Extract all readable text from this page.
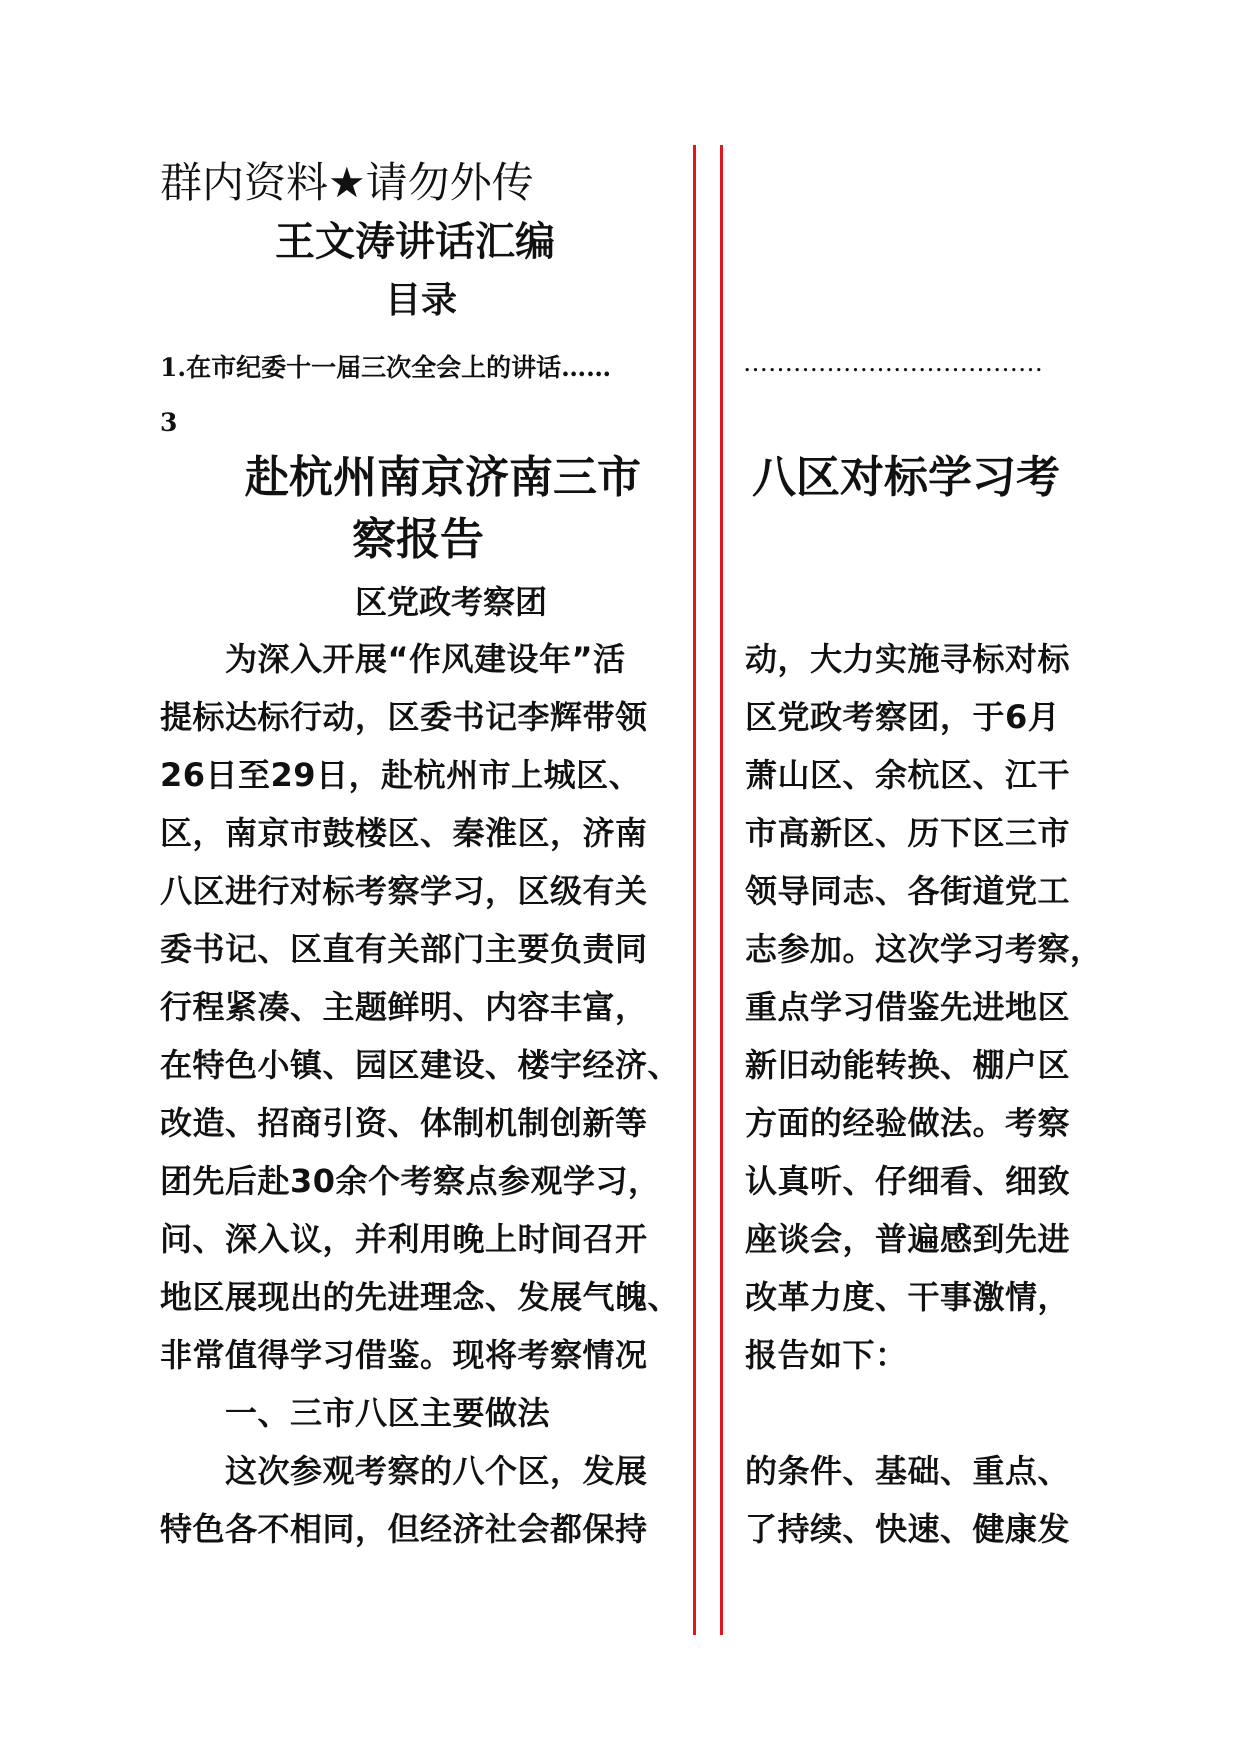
群内资料★请勿外传
王文涛讲话汇编
目录
1.在市纪委十一届三次全会上的讲话……	………………………………
3
赴杭州南京济南三市	八区对标学习考
察报告
区党政考察团
　　为深入开展“作风建设年”活
提标达标行动，区委书记李辉带领
26日至29日，赴杭州市上城区、
区，南京市鼓楼区、秦淮区，济南
八区进行对标考察学习，区级有关
委书记、区直有关部门主要负责同
行程紧凑、主题鲜明、内容丰富，
在特色小镇、园区建设、楼宇经济、
改造、招商引资、体制机制创新等
团先后赴30余个考察点参观学习，
问、深入议，并利用晚上时间召开
地区展现出的先进理念、发展气魄、
非常值得学习借鉴。现将考察情况
　　一、三市八区主要做法
　　这次参观考察的八个区，发展
特色各不相同，但经济社会都保持
动，大力实施寻标对标
区党政考察团，于6月
萧山区、余杭区、江干
市高新区、历下区三市
领导同志、各街道党工
志参加。这次学习考察，
重点学习借鉴先进地区
新旧动能转换、棚户区
方面的经验做法。考察
认真听、仔细看、细致
座谈会，普遍感到先进
改革力度、干事激情，
报告如下：
的条件、基础、重点、
了持续、快速、健康发
